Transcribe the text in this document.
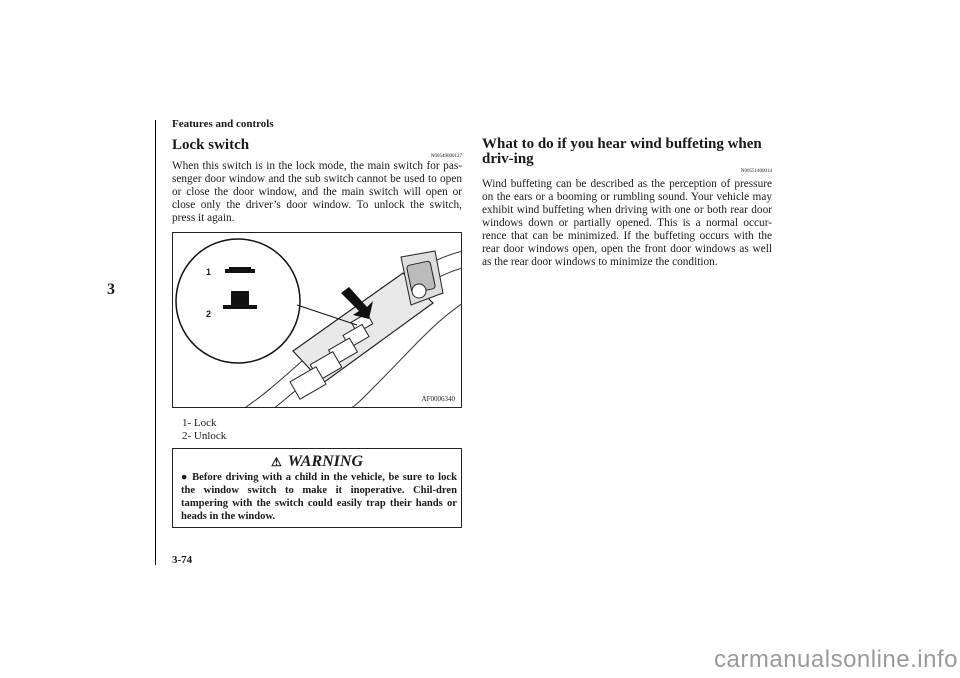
Features and controls
3
Lock switch
N00549000127
When this switch is in the lock mode, the main switch for pas-senger door window and the sub switch cannot be used to open or close the door window, and the main switch will open or close only the driver’s door window. To unlock the switch, press it again.
1
2
AF0006340
1- Lock
2- Unlock
⚠ WARNING
● Before driving with a child in the vehicle, be sure to lock the window switch to make it inoperative. Chil-dren tampering with the switch could easily trap their hands or heads in the window.
What to do if you hear wind buffeting when driv-ing
N00551400014
Wind buffeting can be described as the perception of pressure on the ears or a booming or rumbling sound. Your vehicle may exhibit wind buffeting when driving with one or both rear door windows down or partially opened. This is a normal occur-rence that can be minimized. If the buffeting occurs with the rear door windows open, open the front door windows as well as the rear door windows to minimize the condition.
3-74
carmanualsonline.info
